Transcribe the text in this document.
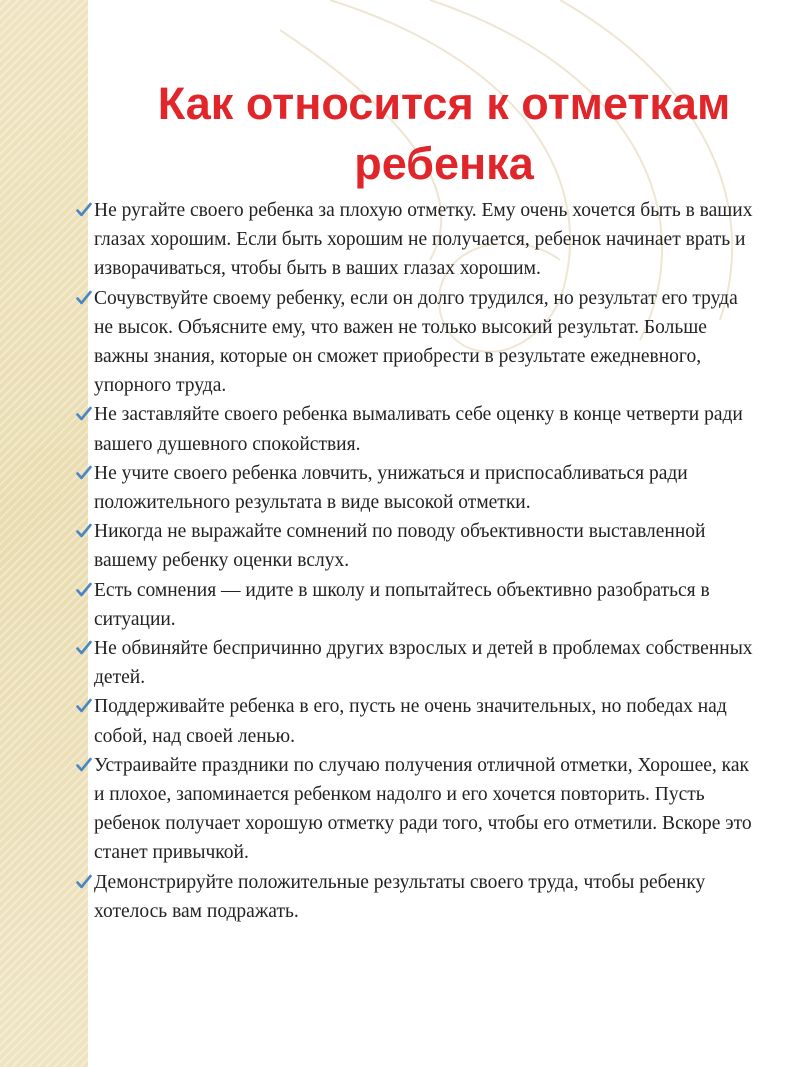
Как относится к отметкам ребенка
Не ругайте своего ребенка за плохую отметку. Ему очень хочется быть в ваших глазах хорошим. Если быть хорошим не получается, ребенок начинает врать и изворачиваться, чтобы быть в ваших глазах хорошим.
Сочувствуйте своему ребенку, если он долго трудился, но результат его труда не высок. Объясните ему, что важен не только высокий результат. Больше важны знания, которые он сможет приобрести в результате ежедневного, упорного труда.
Не заставляйте своего ребенка вымаливать себе оценку в конце четверти ради вашего душевного спокойствия.
Не учите своего ребенка ловчить, унижаться и приспосабливаться ради положительного результата в виде высокой отметки.
Никогда не выражайте сомнений по поводу объективности выставленной вашему ребенку оценки вслух.
Есть сомнения — идите в школу и попытайтесь объективно разобраться в ситуации.
Не обвиняйте беспричинно других взрослых и детей в проблемах собственных детей.
Поддерживайте ребенка в его, пусть не очень значительных, но победах над собой, над своей ленью.
Устраивайте праздники по случаю получения отличной отметки, Хорошее, как и плохое, запоминается ребенком надолго и его хочется повторить. Пусть ребенок получает хорошую отметку ради того, чтобы его отметили. Вскоре это станет привычкой.
Демонстрируйте положительные результаты своего труда, чтобы ребенку хотелось вам подражать.
